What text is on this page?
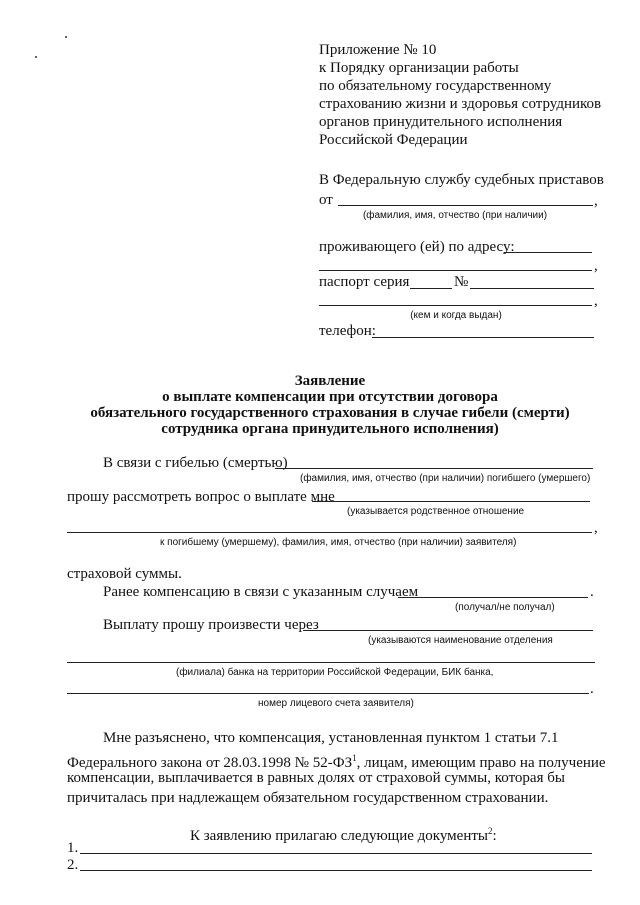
Приложение № 10
к Порядку организации работы
по обязательному государственному
страхованию жизни и здоровья сотрудников
органов принудительного исполнения
Российской Федерации
В Федеральную службу судебных приставов
от	,
(фамилия, имя, отчество (при наличии)
проживающего (ей) по адресу:
,
паспорт серия	№
,
(кем и когда выдан)
телефон:
Заявление
о выплате компенсации при отсутствии договора
обязательного государственного страхования в случае гибели (смерти)
сотрудника органа принудительного исполнения)
В связи с гибелью (смертью)
(фамилия, имя, отчество (при наличии) погибшего (умершего)
прошу рассмотреть вопрос о выплате мне
(указывается родственное отношение
,
к погибшему (умершему), фамилия, имя, отчество (при наличии) заявителя)
страховой суммы.
Ранее компенсацию в связи с указанным случаем	.
(получал/не получал)
Выплату прошу произвести через
(указываются наименование отделения
(филиала) банка на территории Российской Федерации, БИК банка,
.
номер лицевого счета заявителя)
Мне разъяснено, что компенсация, установленная пунктом 1 статьи 7.1
Федерального закона от 28.03.1998 № $52-ФЗ^1$, лицам, имеющим право на получение
компенсации, выплачивается в равных долях от страховой суммы, которая бы
причиталась при надлежащем обязательном государственном страховании.
К заявлению прилагаю следующие документы$^2$:
1.
2.
